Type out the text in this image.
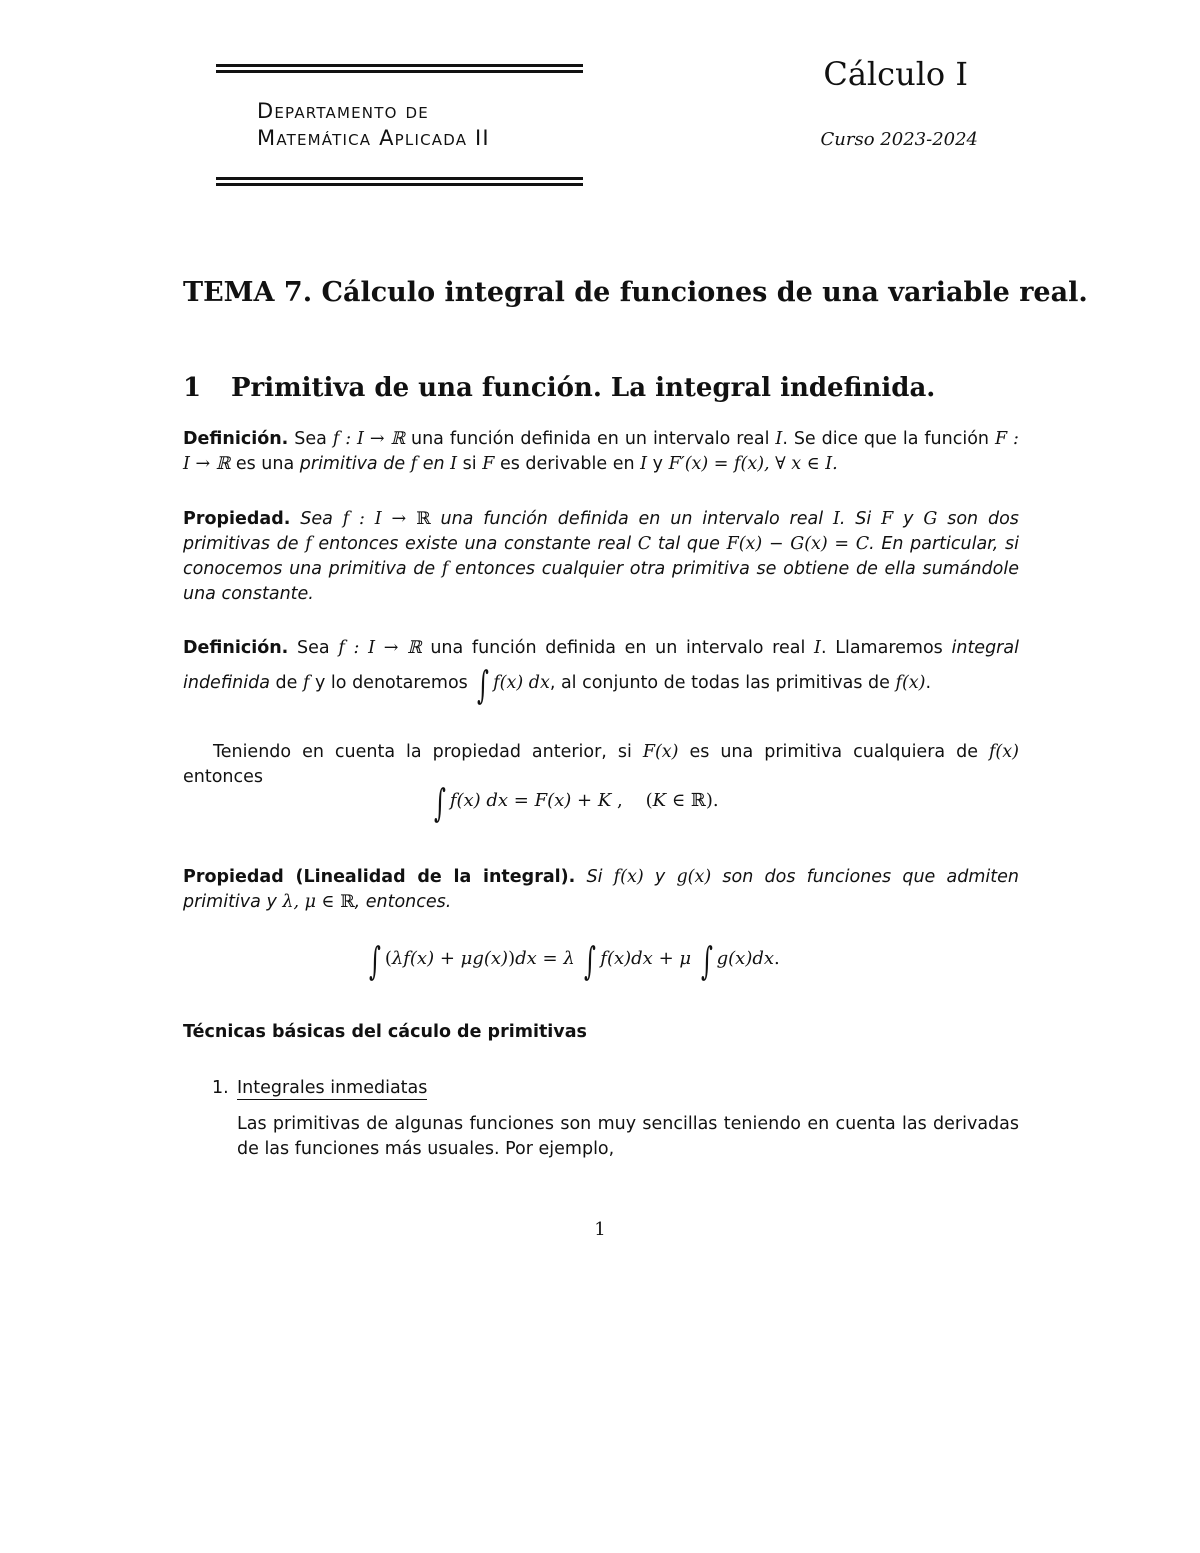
Departamento de
Matemática Aplicada II
Cálculo I
Curso 2023-2024
TEMA 7. Cálculo integral de funciones de una variable real.
1 Primitiva de una función. La integral indefinida.
Definición. Sea f : I → ℝ una función definida en un intervalo real I. Se dice que la función F : I → ℝ es una primitiva de f en I si F es derivable en I y F′(x) = f(x), ∀ x ∈ I.
Propiedad. Sea f : I → ℝ una función definida en un intervalo real I. Si F y G son dos primitivas de f entonces existe una constante real C tal que F(x) − G(x) = C. En particular, si conocemos una primitiva de f entonces cualquier otra primitiva se obtiene de ella sumándole una constante.
Definición. Sea f : I → ℝ una función definida en un intervalo real I. Llamaremos integral indefinida de f y lo denotaremos ∫ f(x) dx, al conjunto de todas las primitivas de f(x).
Teniendo en cuenta la propiedad anterior, si F(x) es una primitiva cualquiera de f(x) entonces
∫ f(x) dx = F(x) + K ,    (K ∈ ℝ).
Propiedad (Linealidad de la integral). Si f(x) y g(x) son dos funciones que admiten primitiva y λ, μ ∈ ℝ, entonces.
∫ (λf(x) + μg(x))dx = λ ∫ f(x)dx + μ ∫ g(x)dx.
Técnicas básicas del cáculo de primitivas
1. Integrales inmediatas
Las primitivas de algunas funciones son muy sencillas teniendo en cuenta las derivadas de las funciones más usuales. Por ejemplo,
1
